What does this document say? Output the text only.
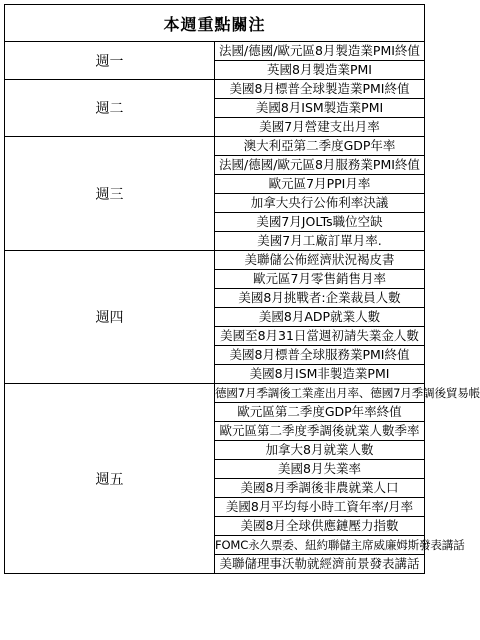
本週重點關注	
週一	法國/德國/歐元區8月製造業PMI終值
	英國8月製造業PMI
週二	美國8月標普全球製造業PMI終值
	美國8月ISM製造業PMI
	美國7月營建支出月率
週三	澳大利亞第二季度GDP年率
	法國/德國/歐元區8月服務業PMI終值
	歐元區7月PPI月率
	加拿大央行公佈利率決議
	美國7月JOLTs職位空缺
	美國7月工廠訂單月率.
週四	美聯儲公佈經濟狀況褐皮書
	歐元區7月零售銷售月率
	美國8月挑戰者:企業裁員人數
	美國8月ADP就業人數
	美國至8月31日當週初請失業金人數
	美國8月標普全球服務業PMI終值
	美國8月ISM非製造業PMI
週五	德國7月季調後工業產出月率、德國7月季調後貿易帳
	歐元區第二季度GDP年率終值
	歐元區第二季度季調後就業人數季率
	加拿大8月就業人數
	美國8月失業率
	美國8月季調後非農就業人口
	美國8月平均每小時工資年率/月率
	美國8月全球供應鏈壓力指數
	FOMC永久票委、紐約聯儲主席威廉姆斯發表講話
	美聯儲理事沃勒就經濟前景發表講話
